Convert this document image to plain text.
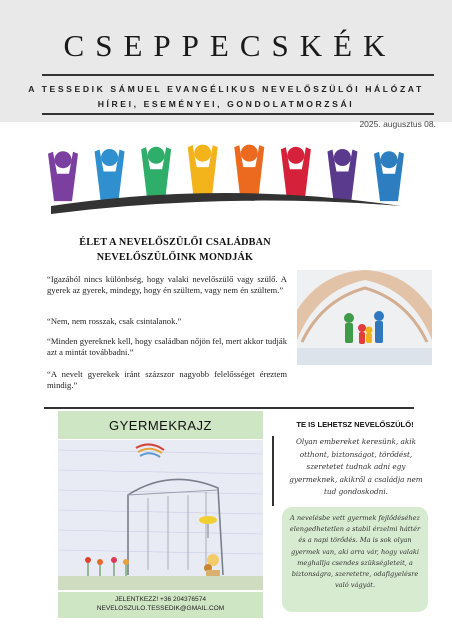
CSEPPECSKÉK
A TESSEDIK SÁMUEL EVANGÉLIKUS NEVELŐSZÜLŐI HÁLÓZAT
HÍREI, ESEMÉNYEI, GONDOLATMORZSÁI
2025. augusztus 08.
ÉLET A NEVELŐSZÜLŐI CSALÁDBAN
NEVELŐSZÜLŐINK MONDJÁK
“Igazából nincs különbség, hogy valaki nevelőszülő vagy szülő. A gyerek az gyerek, mindegy, hogy én szültem, vagy nem én szültem.”
“Nem, nem rosszak, csak csintalanok.”
“Minden gyereknek kell, hogy családban nőjön fel, mert akkor tudják azt a mintát továbbadni.”
“A nevelt gyerekek iránt százszor nagyobb felelősséget éreztem mindig.”
GYERMEKRAJZ
JELENTKEZZ! +36 204376574
NEVELOSZULO.TESSEDIK@GMAIL.COM
TE IS LEHETSZ NEVELŐSZÜLŐ!
Olyan embereket keresünk, akik otthont, biztonságot, törődést, szeretetet tudnak adni egy gyermeknek, akikről a családja nem tud gondoskodni.
A nevelésbe vett gyermek fejlődéséhez elengedhetetlen a stabil érzelmi háttér és a napi törődés. Ma is sok olyan gyermek van, aki arra vár, hogy valaki meghallja csendes szükségleteit, a biztonságra, szeretetre, odafigyelésre való vágyát.
